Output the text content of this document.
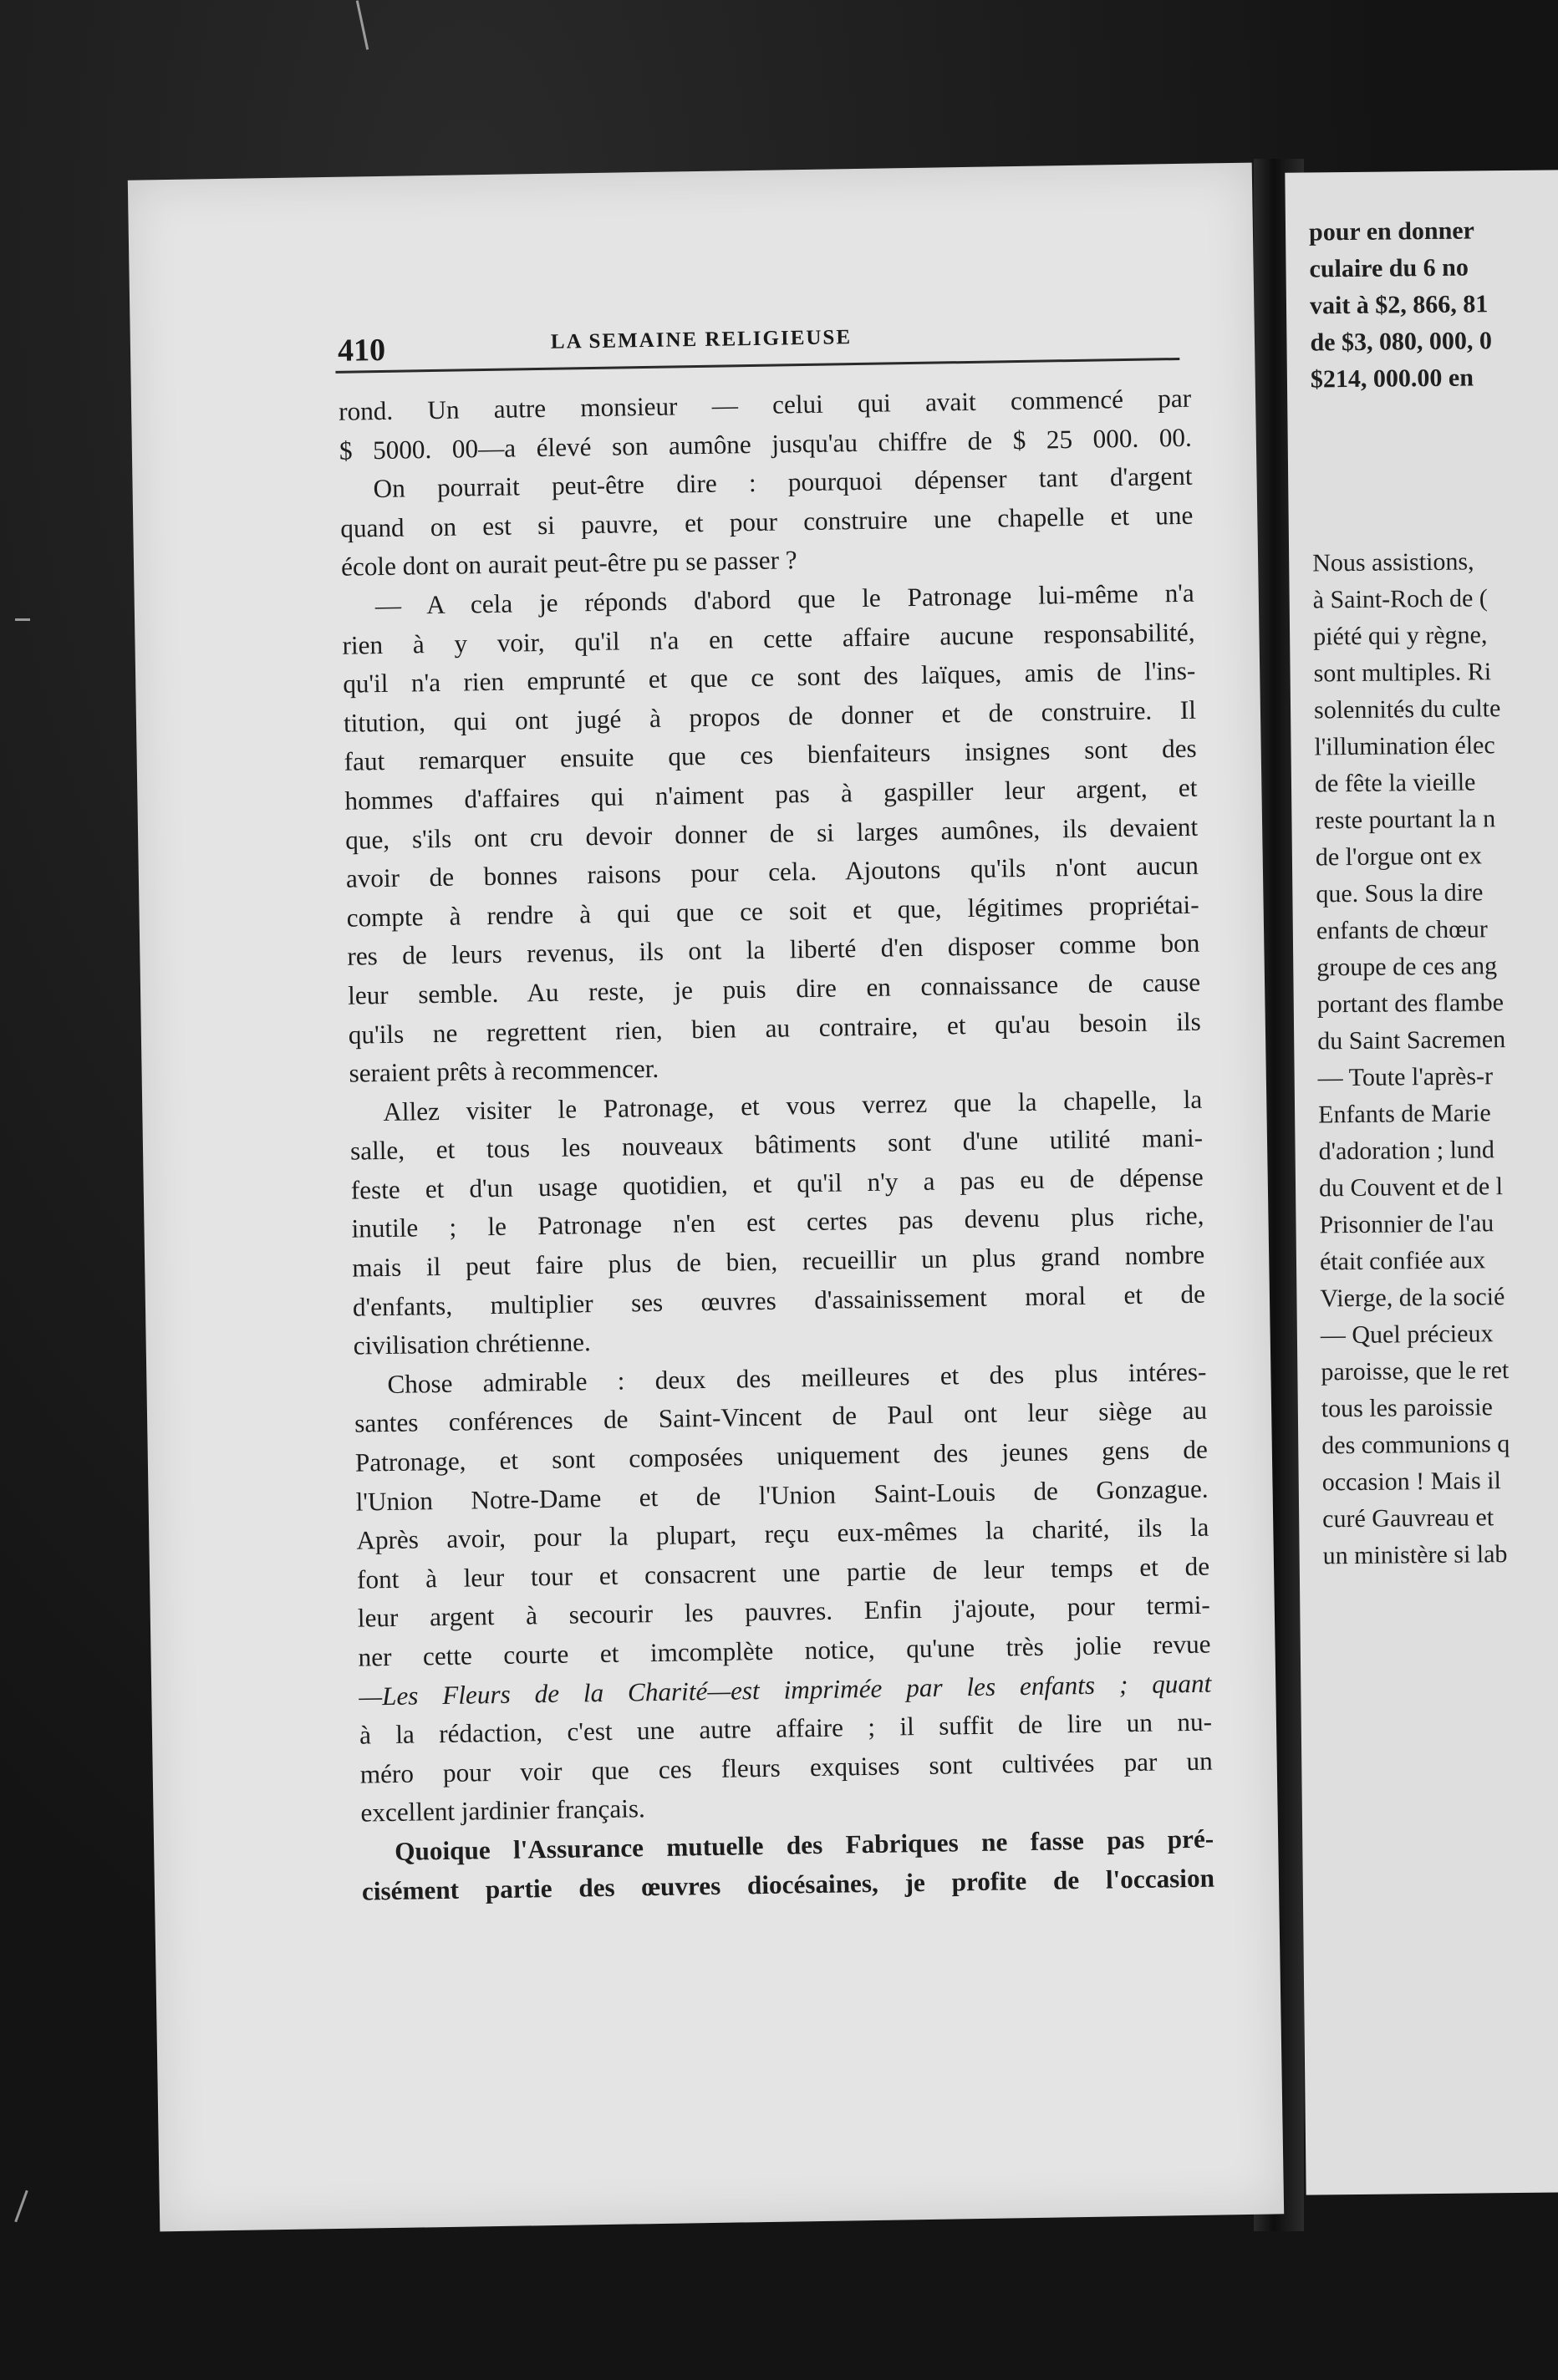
pour en donner
culaire du 6 no
vait à $2, 866, 81
de $3, 080, 000, 0
$214, 000.00 en
Nous assistions,
à Saint-Roch de (
piété qui y règne,
sont multiples. Ri
solennités du culte
l'illumination élec
de fête la vieille
reste pourtant la n
de l'orgue ont ex
que. Sous la dire
enfants de chœur
groupe de ces ang
portant des flambe
du Saint Sacremen
— Toute l'après-r
Enfants de Marie
d'adoration ; lund
du Couvent et de l
Prisonnier de l'au
était confiée aux
Vierge, de la socié
— Quel précieux
paroisse, que le ret
tous les paroissie
des communions q
occasion ! Mais il
curé Gauvreau et
un ministère si lab
410	LA SEMAINE RELIGIEUSE
rond. Un autre monsieur — celui qui avait commencé par
$ 5000. 00—a élevé son aumône jusqu'au chiffre de $ 25 000. 00.
On pourrait peut-être dire : pourquoi dépenser tant d'argent
quand on est si pauvre, et pour construire une chapelle et une
école dont on aurait peut-être pu se passer ?
— A cela je réponds d'abord que le Patronage lui-même n'a
rien à y voir, qu'il n'a en cette affaire aucune responsabilité,
qu'il n'a rien emprunté et que ce sont des laïques, amis de l'ins-
titution, qui ont jugé à propos de donner et de construire. Il
faut remarquer ensuite que ces bienfaiteurs insignes sont des
hommes d'affaires qui n'aiment pas à gaspiller leur argent, et
que, s'ils ont cru devoir donner de si larges aumônes, ils devaient
avoir de bonnes raisons pour cela. Ajoutons qu'ils n'ont aucun
compte à rendre à qui que ce soit et que, légitimes propriétai-
res de leurs revenus, ils ont la liberté d'en disposer comme bon
leur semble. Au reste, je puis dire en connaissance de cause
qu'ils ne regrettent rien, bien au contraire, et qu'au besoin ils
seraient prêts à recommencer.
Allez visiter le Patronage, et vous verrez que la chapelle, la
salle, et tous les nouveaux bâtiments sont d'une utilité mani-
feste et d'un usage quotidien, et qu'il n'y a pas eu de dépense
inutile ; le Patronage n'en est certes pas devenu plus riche,
mais il peut faire plus de bien, recueillir un plus grand nombre
d'enfants, multiplier ses œuvres d'assainissement moral et de
civilisation chrétienne.
Chose admirable : deux des meilleures et des plus intéres-
santes conférences de Saint-Vincent de Paul ont leur siège au
Patronage, et sont composées uniquement des jeunes gens de
l'Union Notre-Dame et de l'Union Saint-Louis de Gonzague.
Après avoir, pour la plupart, reçu eux-mêmes la charité, ils la
font à leur tour et consacrent une partie de leur temps et de
leur argent à secourir les pauvres. Enfin j'ajoute, pour termi-
ner cette courte et imcomplète notice, qu'une très jolie revue
—Les Fleurs de la Charité—est imprimée par les enfants ; quant
à la rédaction, c'est une autre affaire ; il suffit de lire un nu-
méro pour voir que ces fleurs exquises sont cultivées par un
excellent jardinier français.
Quoique l'Assurance mutuelle des Fabriques ne fasse pas pré-
cisément partie des œuvres diocésaines, je profite de l'occasion
